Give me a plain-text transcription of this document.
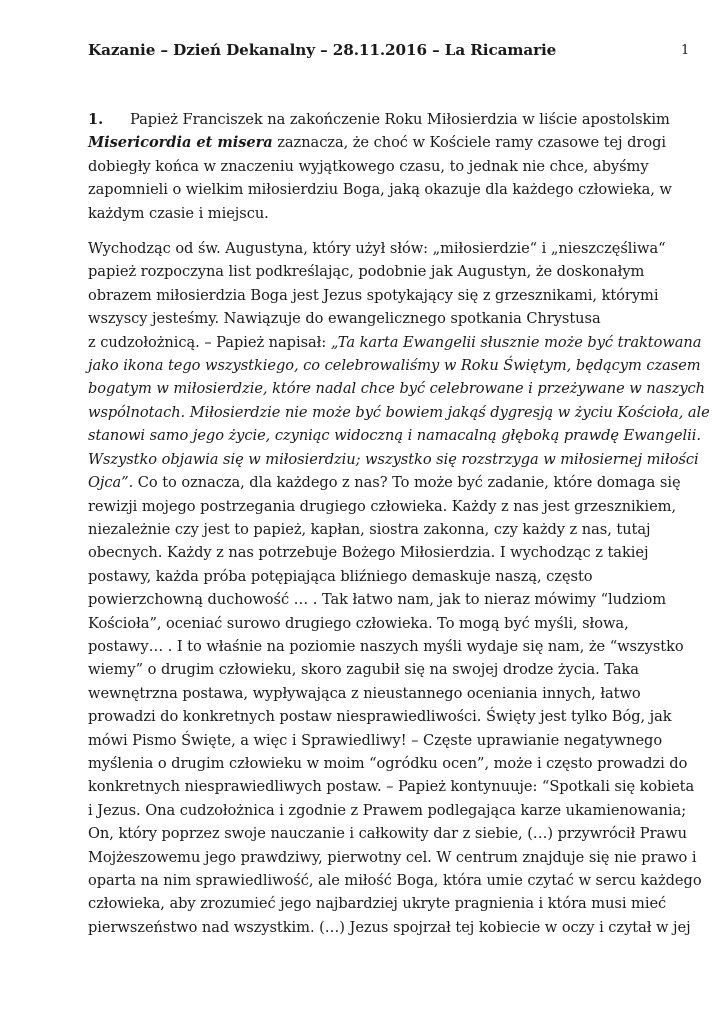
Kazanie – Dzień Dekanalny – 28.11.2016 – La Ricamarie	1

1. Papież Franciszek na zakończenie Roku Miłosierdzia w liście apostolskim
Misericordia et misera zaznacza, że choć w Kościele ramy czasowe tej drogi
dobiegły końca w znaczeniu wyjątkowego czasu, to jednak nie chce, abyśmy
zapomnieli o wielkim miłosierdziu Boga, jaką okazuje dla każdego człowieka, w
każdym czasie i miejscu.

Wychodząc od św. Augustyna, który użył słów: „miłosierdzie“ i „nieszczęśliwa“
papież rozpoczyna list podkreślając, podobnie jak Augustyn, że doskonałym
obrazem miłosierdzia Boga jest Jezus spotykający się z grzesznikami, którymi
wszyscy jesteśmy. Nawiązuje do ewangelicznego spotkania Chrystusa
z cudzołożnicą. – Papież napisał: „Ta karta Ewangelii słusznie może być traktowana
jako ikona tego wszystkiego, co celebrowaliśmy w Roku Świętym, będącym czasem
bogatym w miłosierdzie, które nadal chce być celebrowane i przeżywane w naszych
wspólnotach. Miłosierdzie nie może być bowiem jakąś dygresją w życiu Kościoła, ale
stanowi samo jego życie, czyniąc widoczną i namacalną głęboką prawdę Ewangelii.
Wszystko objawia się w miłosierdziu; wszystko się rozstrzyga w miłosiernej miłości
Ojca”. Co to oznacza, dla każdego z nas? To może być zadanie, które domaga się
rewizji mojego postrzegania drugiego człowieka. Każdy z nas jest grzesznikiem,
niezależnie czy jest to papież, kapłan, siostra zakonna, czy każdy z nas, tutaj
obecnych. Każdy z nas potrzebuje Bożego Miłosierdzia. I wychodząc z takiej
postawy, każda próba potępiająca bliźniego demaskuje naszą, często
powierzchowną duchowość … . Tak łatwo nam, jak to nieraz mówimy “ludziom
Kościoła”, oceniać surowo drugiego człowieka. To mogą być myśli, słowa,
postawy… . I to właśnie na poziomie naszych myśli wydaje się nam, że “wszystko
wiemy” o drugim człowieku, skoro zagubił się na swojej drodze życia. Taka
wewnętrzna postawa, wypływająca z nieustannego oceniania innych, łatwo
prowadzi do konkretnych postaw niesprawiedliwości. Święty jest tylko Bóg, jak
mówi Pismo Święte, a więc i Sprawiedliwy! – Częste uprawianie negatywnego
myślenia o drugim człowieku w moim “ogródku ocen”, może i często prowadzi do
konkretnych niesprawiedliwych postaw. – Papież kontynuuje: “Spotkali się kobieta
i Jezus. Ona cudzołożnica i zgodnie z Prawem podlegająca karze ukamienowania;
On, który poprzez swoje nauczanie i całkowity dar z siebie, (…) przywrócił Prawu
Mojżeszowemu jego prawdziwy, pierwotny cel. W centrum znajduje się nie prawo i
oparta na nim sprawiedliwość, ale miłość Boga, która umie czytać w sercu każdego
człowieka, aby zrozumieć jego najbardziej ukryte pragnienia i która musi mieć
pierwszeństwo nad wszystkim. (…) Jezus spojrzał tej kobiecie w oczy i czytał w jej
